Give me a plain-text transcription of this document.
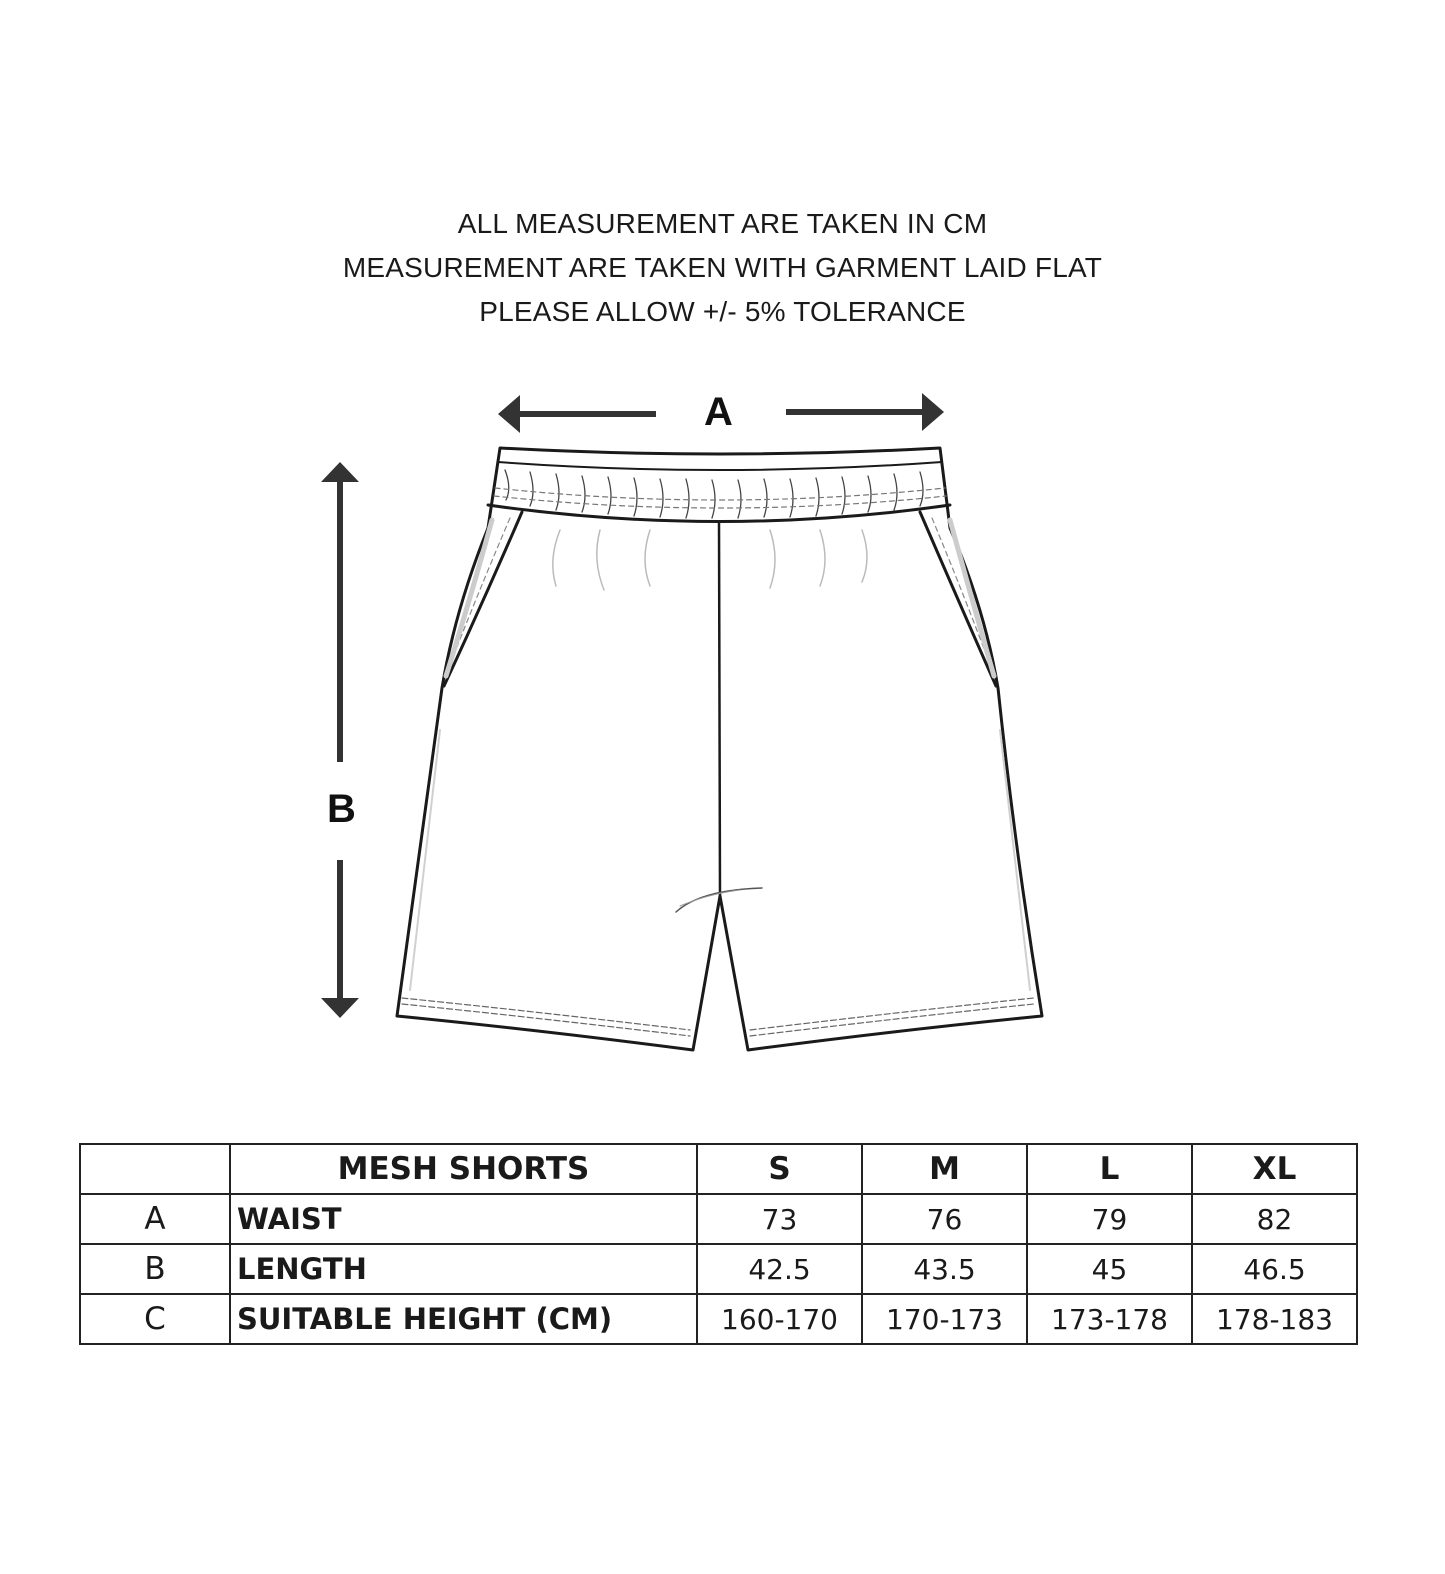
ALL MEASUREMENT ARE TAKEN IN CM
MEASUREMENT ARE TAKEN WITH GARMENT LAID FLAT
PLEASE ALLOW +/- 5% TOLERANCE
A
B
	MESH SHORTS	S	M	L	XL
A	WAIST	73	76	79	82
B	LENGTH	42.5	43.5	45	46.5
C	SUITABLE HEIGHT (CM)	160-170	170-173	173-178	178-183
